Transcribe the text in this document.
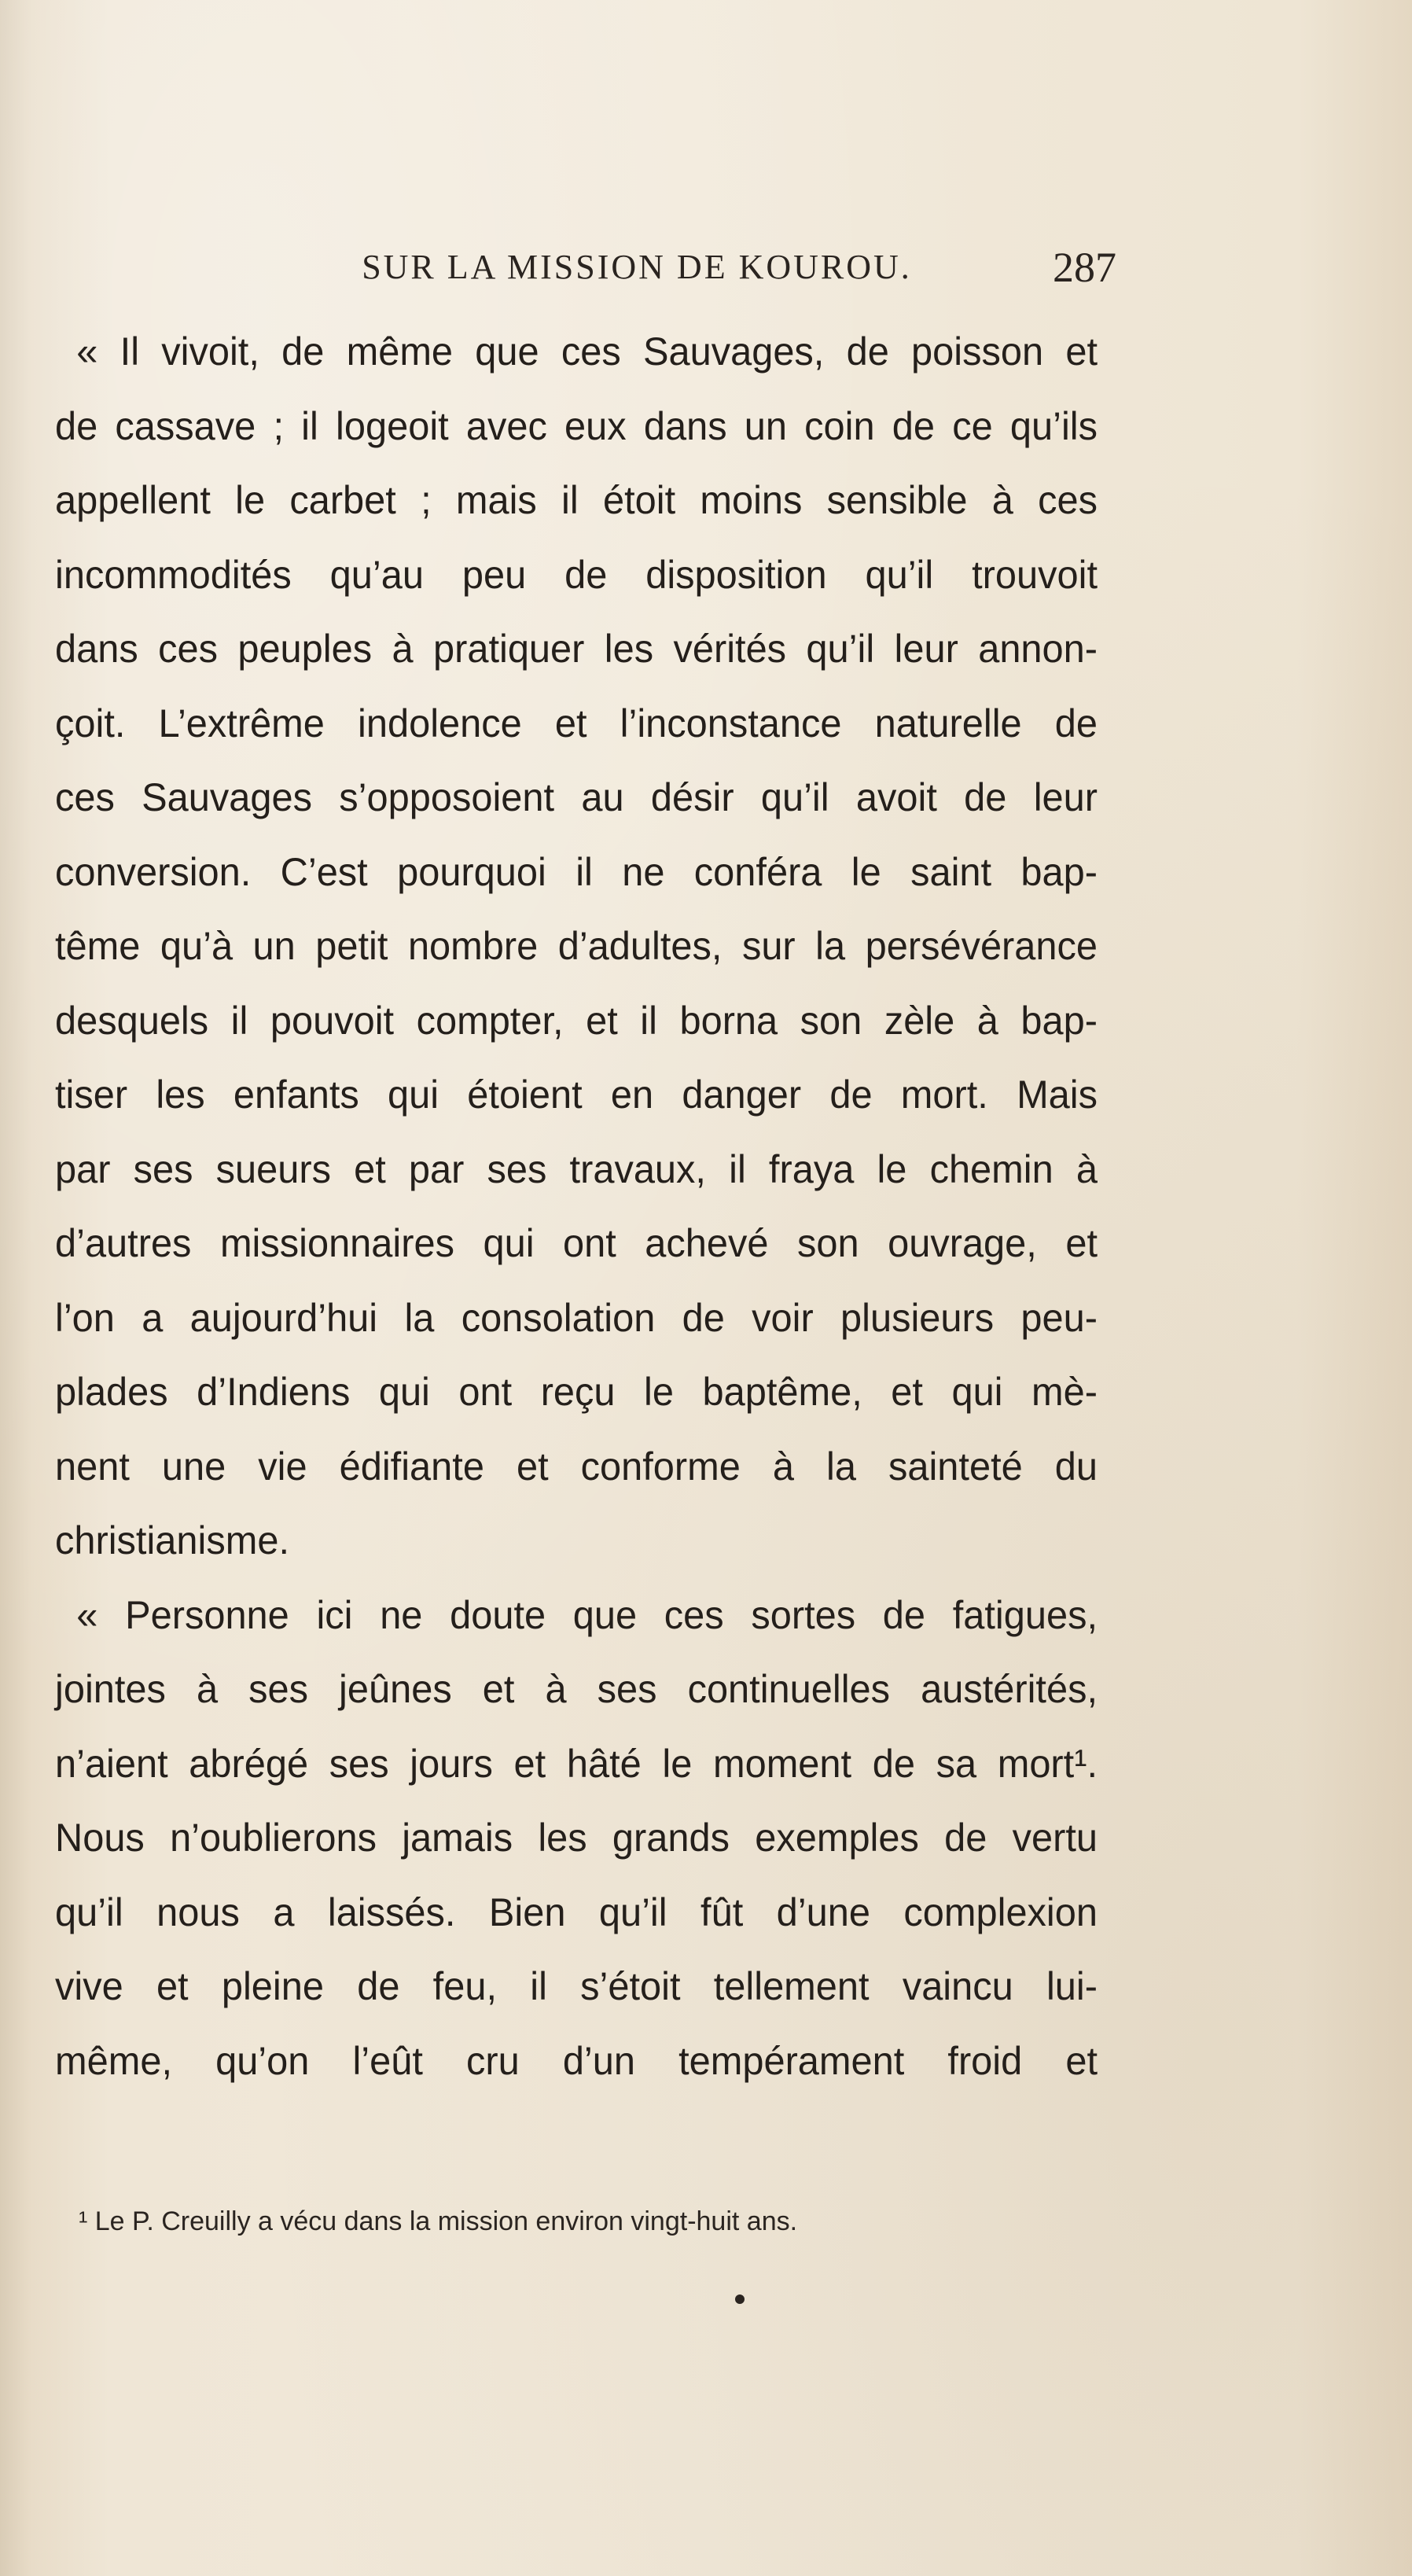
SUR LA MISSION DE KOUROU.	287
« Il vivoit, de même que ces Sauvages, de poisson et
de cassave ; il logeoit avec eux dans un coin de ce qu’ils
appellent le carbet ; mais il étoit moins sensible à ces
incommodités qu’au peu de disposition qu’il trouvoit
dans ces peuples à pratiquer les vérités qu’il leur annon-
çoit. L’extrême indolence et l’inconstance naturelle de
ces Sauvages s’opposoient au désir qu’il avoit de leur
conversion. C’est pourquoi il ne conféra le saint bap-
tême qu’à un petit nombre d’adultes, sur la persévérance
desquels il pouvoit compter, et il borna son zèle à bap-
tiser les enfants qui étoient en danger de mort. Mais
par ses sueurs et par ses travaux, il fraya le chemin à
d’autres missionnaires qui ont achevé son ouvrage, et
l’on a aujourd’hui la consolation de voir plusieurs peu-
plades d’Indiens qui ont reçu le baptême, et qui mè-
nent une vie édifiante et conforme à la sainteté du
christianisme.
« Personne ici ne doute que ces sortes de fatigues,
jointes à ses jeûnes et à ses continuelles austérités,
n’aient abrégé ses jours et hâté le moment de sa mort¹.
Nous n’oublierons jamais les grands exemples de vertu
qu’il nous a laissés. Bien qu’il fût d’une complexion
vive et pleine de feu, il s’étoit tellement vaincu lui-
même, qu’on l’eût cru d’un tempérament froid et
¹ Le P. Creuilly a vécu dans la mission environ vingt-huit ans.
